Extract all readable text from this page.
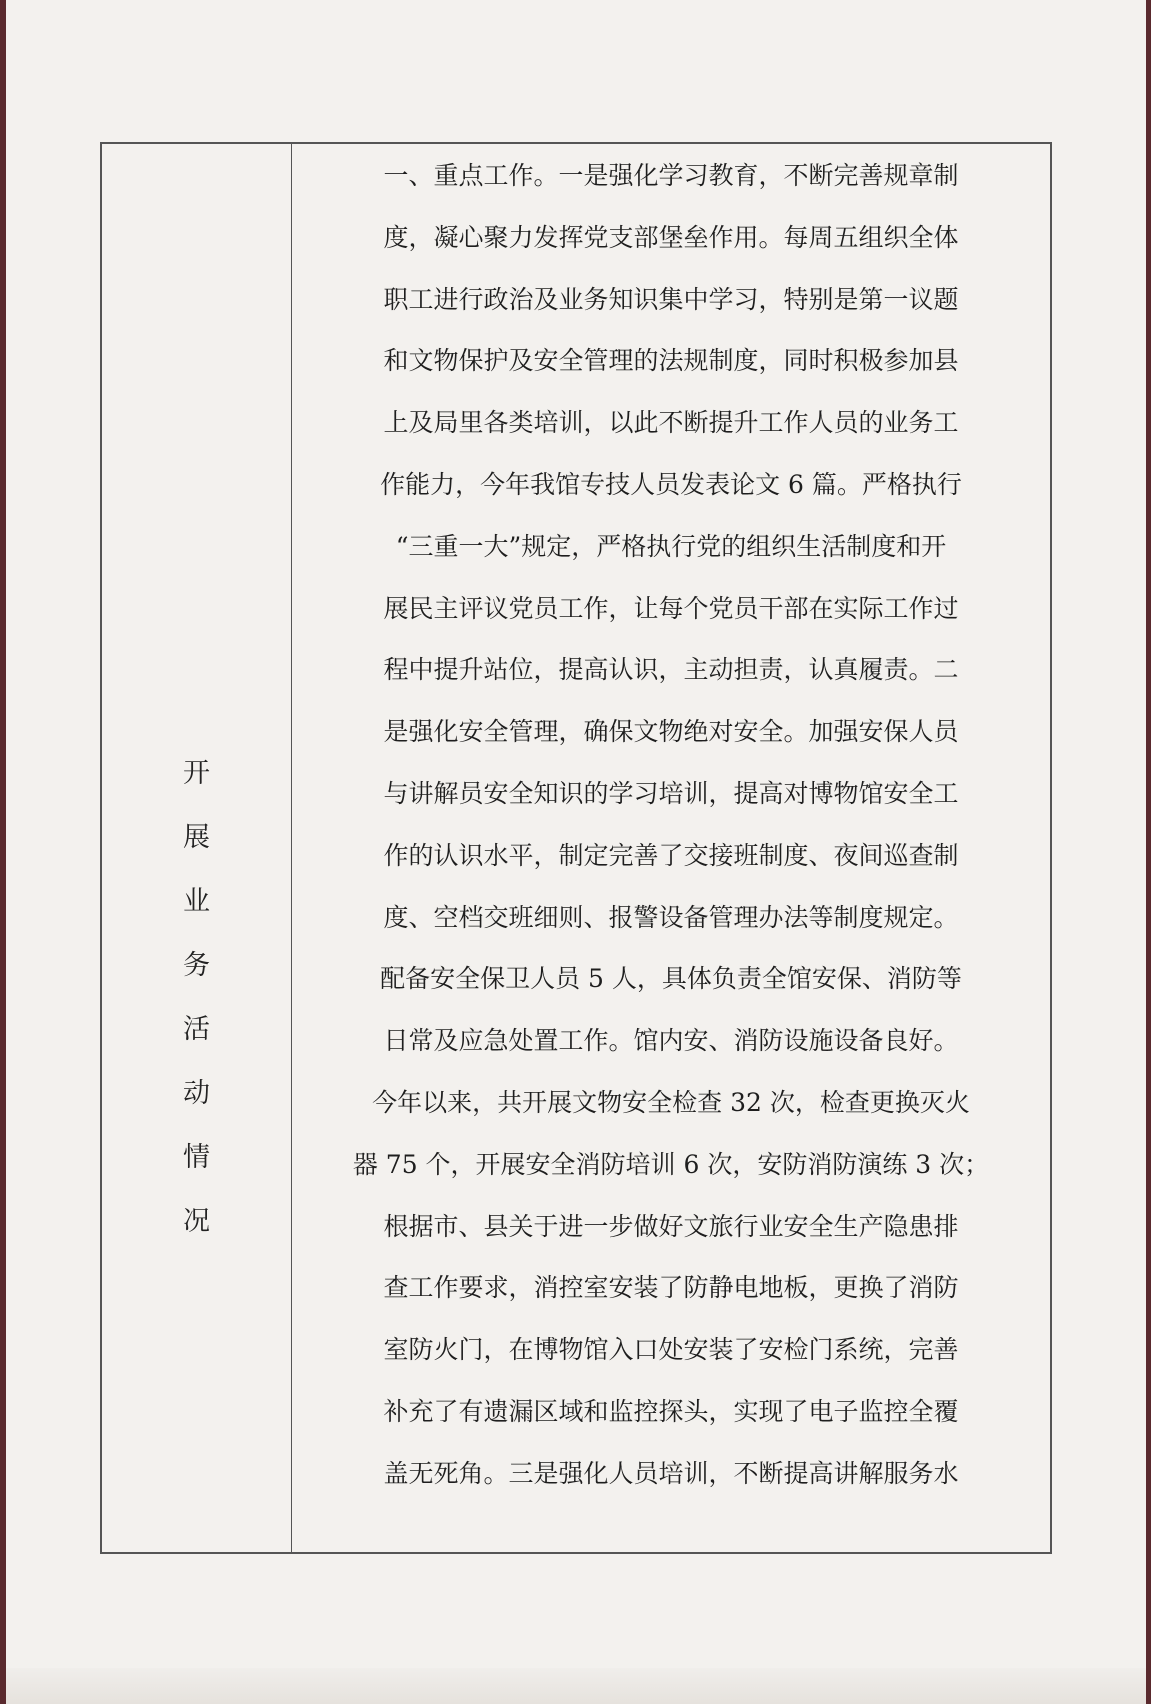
开
展
业
务
活
动
情
况
一、重点工作。一是强化学习教育，不断完善规章制
度，凝心聚力发挥党支部堡垒作用。每周五组织全体
职工进行政治及业务知识集中学习，特别是第一议题
和文物保护及安全管理的法规制度，同时积极参加县
上及局里各类培训，以此不断提升工作人员的业务工
作能力，今年我馆专技人员发表论文 6 篇。严格执行
“三重一大”规定，严格执行党的组织生活制度和开
展民主评议党员工作，让每个党员干部在实际工作过
程中提升站位，提高认识，主动担责，认真履责。二
是强化安全管理，确保文物绝对安全。加强安保人员
与讲解员安全知识的学习培训，提高对博物馆安全工
作的认识水平，制定完善了交接班制度、夜间巡查制
度、空档交班细则、报警设备管理办法等制度规定。
配备安全保卫人员 5 人，具体负责全馆安保、消防等
日常及应急处置工作。馆内安、消防设施设备良好。
今年以来，共开展文物安全检查 32 次，检查更换灭火
器 75 个，开展安全消防培训 6 次，安防消防演练 3 次；
根据市、县关于进一步做好文旅行业安全生产隐患排
查工作要求，消控室安装了防静电地板，更换了消防
室防火门，在博物馆入口处安装了安检门系统，完善
补充了有遗漏区域和监控探头，实现了电子监控全覆
盖无死角。三是强化人员培训，不断提高讲解服务水
